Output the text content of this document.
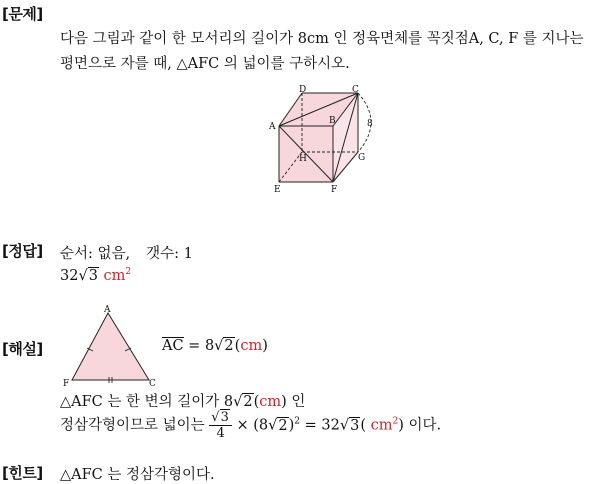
[문제]
다음 그림과 같이 한 모서리의 길이가 8cm 인 정육면체를 꼭짓점A, C, F 를 지나는
평면으로 자를 때, △AFC 의 넓이를 구하시오.
D	C
A
B
H	G
E	F
8
[정답] 순서: 없음, 갯수: 1
32√3 $cm^2$
[해설]
A
F	C
AC = 8√2(cm)
△AFC 는 한 변의 길이가 8√2(cm) 인
정삼각형이므로 넓이는 $\frac{√3}{4} \times (8√2)^2 = 32√3$( $cm^2$) 이다.
[힌트] △AFC 는 정삼각형이다.
